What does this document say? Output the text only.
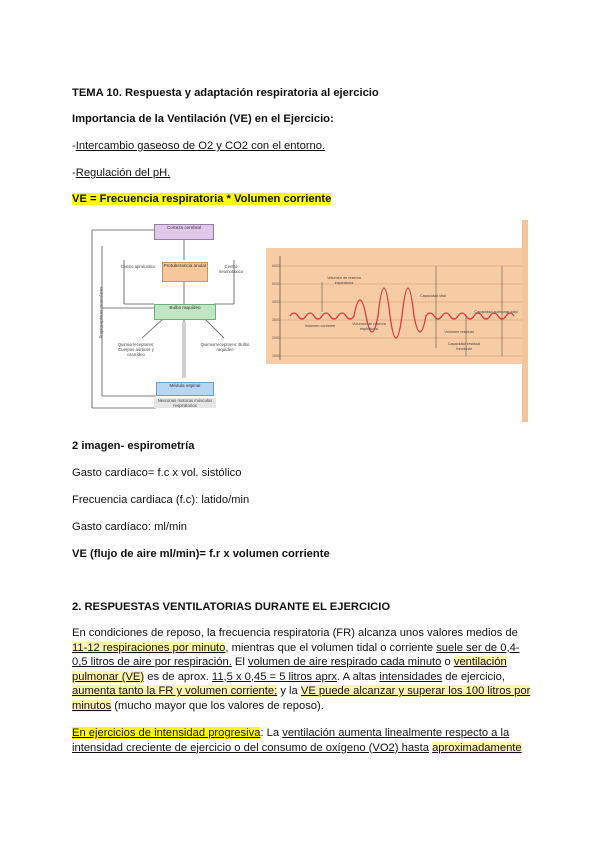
TEMA 10. Respuesta y adaptación respiratoria al ejercicio
Importancia de la Ventilación (VE) en el Ejercicio:
-Intercambio gaseoso de O2 y CO2 con el entorno.
-Regulación del pH.
VE = Frecuencia respiratoria * Volumen corriente
Corteza cerebral
Protuberancia anular
Centro apnéustico	Centro neumotáxico
Bulbo raquídeo
Propioceptores musculares
Quimiorreceptores: Cuerpos aórticos y carotídeo
Quimiorreceptores: Bulbo raquídeo
Médula espinal
Neuronas motoras músculos respiratorios
6000
5000
4000
3000
2000
1000
Volumen de reserva inspiratoria
Capacidad vital
Volumen corriente	Volumen de reserva espiratoria
Volumen residual
Capacidad pulmonar total
Capacidad residual funcional
2 imagen- espirometría
Gasto cardíaco= f.c x vol. sistólico
Frecuencia cardiaca (f.c): latido/min
Gasto cardíaco: ml/min
VE (flujo de aire ml/min)= f.r x volumen corriente
2. RESPUESTAS VENTILATORIAS DURANTE EL EJERCICIO
En condiciones de reposo, la frecuencia respiratoria (FR) alcanza unos valores medios de 11-12 respiraciones por minuto, mientras que el volumen tidal o corriente suele ser de 0,4-0,5 litros de aire por respiración. El volumen de aire respirado cada minuto o ventilación pulmonar (VE) es de aprox. 11,5 x 0,45 = 5 litros aprx. A altas intensidades de ejercicio, aumenta tanto la FR y volumen corriente; y la VE puede alcanzar y superar los 100 litros por minutos (mucho mayor que los valores de reposo).
En ejercicios de intensidad progresiva: La ventilación aumenta linealmente respecto a la intensidad creciente de ejercicio o del consumo de oxígeno (VO2) hasta aproximadamente
